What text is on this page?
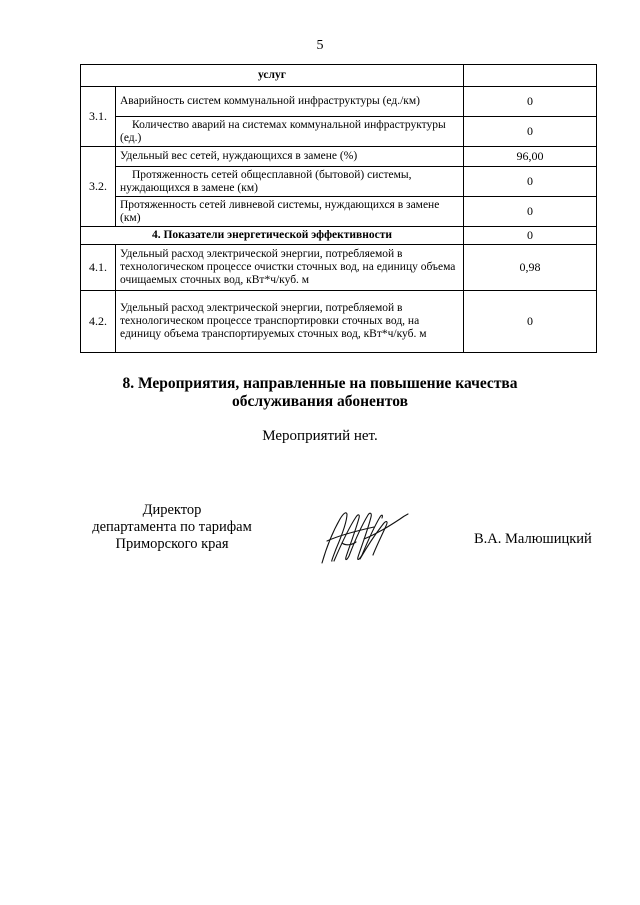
5
услуг		
3.1.	Аварийность систем коммунальной инфраструктуры (ед./км)	0
	Количество аварий на системах коммунальной инфраструктуры (ед.)	0
3.2.	Удельный вес сетей, нуждающихся в замене (%)	96,00
	Протяженность сетей общесплавной (бытовой) системы, нуждающихся в замене (км)	0
	Протяженность сетей ливневой системы, нуждающихся в замене (км)	0
4. Показатели энергетической эффективности		0
4.1.	Удельный расход электрической энергии, потребляемой в технологическом процессе очистки сточных вод, на единицу объема очищаемых сточных вод, кВт*ч/куб. м	0,98
4.2.	Удельный расход электрической энергии, потребляемой в технологическом процессе транспортировки сточных вод, на единицу объема транспортируемых сточных вод, кВт*ч/куб. м	0
8. Мероприятия, направленные на повышение качества
обслуживания абонентов
Мероприятий нет.
Директор
департамента по тарифам
Приморского края	В.А. Малюшицкий
